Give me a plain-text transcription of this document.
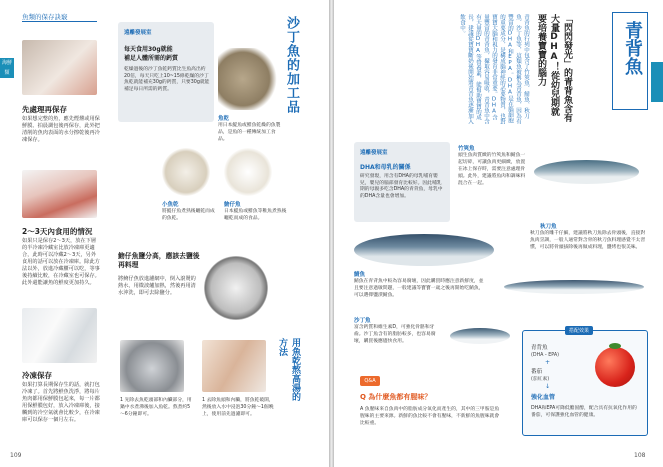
魚類的保存訣竅
海鮮類
先處理再保存
如果想完整的魚，應先煙燻或用保鮮膜、拍晨調包後再保存，此外把清削的魚肉表面的水分擦乾後再冷凍保存。
2～3天內食用的情況
如果只是保存2～3天，放在下層的半冷凍冷藏室比放冷凍庫更適合，此時可以冷藏2～3天，另外食用的話可以放在冷凍庫。除此方法以外，放進冷藏櫃可以吃，等事後持續比較，在冷藏室也可保存。此外還能讓魚的鮮度更加持久。
冷凍保存
如果打算長期保存生的話，就打包冷凍了。首先將鮮魚洗淨，將每片魚肉都用保鮮膜包起來，每一片都用保鮮膜包好，放入冷凍庫後，接觸到的冷空氣就會比較少，在冷凍庫可以保存一個月左右。
遠離發展室
每天食用30g就能
補足人體所需的鈣質
乾燥過後的沙丁魚乾鈣質比生魚高出約20倍，每天只吃上10~15條乾燥的沙丁魚乾就能補充30g的鈣質，只要30g就能補足每日所需的鈣質。	沙丁魚的加工品
魚乾
用日本鯷魚或鯡魚乾燥的魚製品，是魚的一種傳統加工食品。
小魚乾
將鯷仔魚煮熟後曬乾而成的魚乾。
魩仔魚
日本鯷魚或鯡魚等稚魚煮熟後曬乾而成的食品。
魩仔魚鹽分高，應該去鹽後再料理
將魩仔魚放進濾網中，倒入滾燙的熱水，用微波爐加熱，然後再用清水沖洗，即可去除鹽分。
用魚乾熬高湯的方法
1 先除去魚乾頭部和內臟部分，用鍋中水煮沸後加入魚乾。熬煮約5～6分鐘即可。
1 去除魚頭和內臟，將魚乾破開，然後放入水中浸泡30分鐘～1個晚上，使用前先過濾即可。
109
青背魚
「閃閃發光」的青背魚含有大量DHA！從幼兒期就要培養寶寶的腦力
青背魚的行列中包含了竹筴魚、鯖魚、秋刀魚、沙丁魚等，這類魚被稱為青背魚，因為有豐富的DHA和EPA。DHA是在腦細胞的重要成分，是構成腦神經的必要物質，也對寶寶大腦和視力的發育非常重要。DHA含量豐富的青背魚，攝取容易吸收，青背魚中含有大量的DHA等營養素，能幫助寶寶的成長，建議從寶寶斷奶後開始將青背魚逐漸加入飲食中。
遠離發展室
DHA和母乳的關係
研究發現，用含有DHA的母乳哺育嬰兒，嬰兒的腦部發育比較好。因此哺乳期的母親多吃含DHA的青背魚，母乳中的DHA含量也會增加。
竹筴魚
頭生魚肉質緻的竹筴魚和鯖魚一起切碎，可讓魚肉更細緻，放置在冰上保存時，需要注意處理骨頭。此外，建議將魚肉和調味料混合在一起。
鯖魚
鯖魚在青背魚中較為容易腐壞，因此購買時應注意新鮮度，並且要注意過敏問題，一般建議等寶寶一歲之後再開始吃鯖魚，可以選擇鹽漬鯖魚。
秋刀魚
秋刀魚的雕千仔細，建議將秋刀魚除去骨頭後，直接對魚肉烹調，一般人通常對含骨的秋刀魚料理感覺不太習慣，可以將骨頭拔除後再做成料理，鹽烤也很美味。
沙丁魚
富含鈣質和維生素D，可強化骨骼和牙齒。沙丁魚含有的脂肪較多，也容易腐壞，購買後應儘快食用。
Q&A
Q 為什麼魚都有腥味？
A 魚腥味來自魚肉中的脂肪成分氧化而產生的，其中的三甲胺是魚腥味的主要來源。新鮮的魚比較不會有腥味，不新鮮的魚腥味就會比較重。
搭配效果
青背魚
(DHA・EPA)
+
番茄
(茄紅素)
↓
強化血管
DHA和EPA可降低膽固醇，配合具有抗氧化作用的番茄，可保護強化血管的健康。
108
